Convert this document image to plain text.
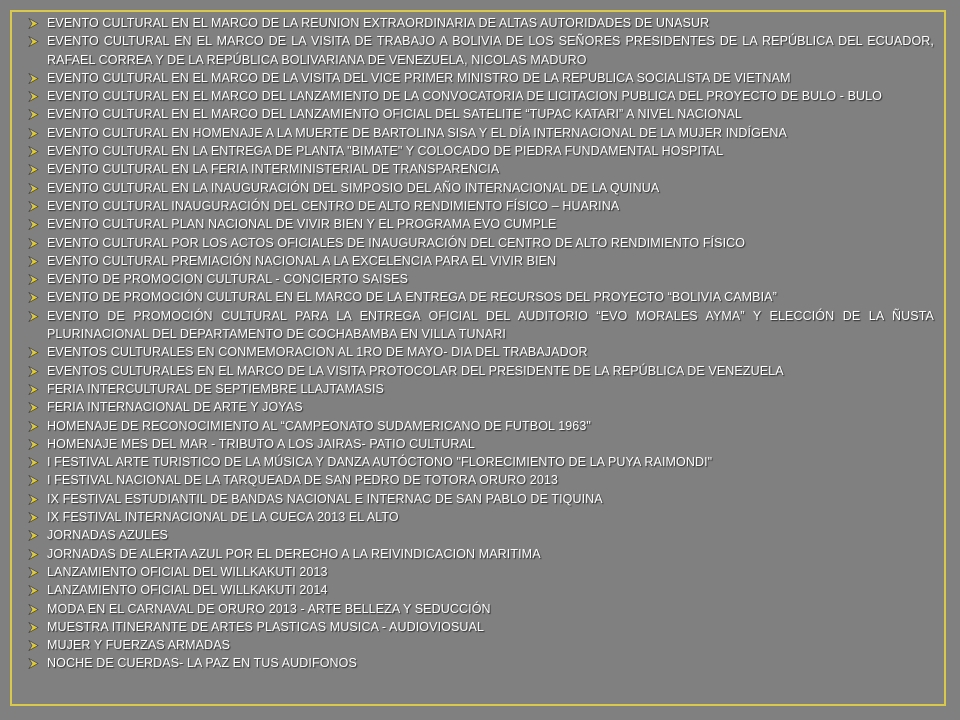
EVENTO CULTURAL EN EL MARCO DE LA REUNION EXTRAORDINARIA DE ALTAS AUTORIDADES DE UNASUR
EVENTO CULTURAL EN EL MARCO DE LA VISITA DE TRABAJO A BOLIVIA DE LOS SEÑORES PRESIDENTES DE LA REPÚBLICA DEL ECUADOR, RAFAEL CORREA Y DE LA REPÚBLICA BOLIVARIANA DE VENEZUELA, NICOLAS MADURO
EVENTO CULTURAL EN EL MARCO DE LA VISITA DEL VICE PRIMER MINISTRO DE LA REPUBLICA SOCIALISTA DE VIETNAM
EVENTO CULTURAL EN EL MARCO DEL LANZAMIENTO DE LA CONVOCATORIA DE LICITACION PUBLICA DEL PROYECTO DE BULO - BULO
EVENTO CULTURAL EN EL MARCO DEL LANZAMIENTO OFICIAL DEL SATELITE “TUPAC KATARI” A NIVEL NACIONAL
EVENTO CULTURAL EN HOMENAJE A LA MUERTE DE BARTOLINA SISA Y EL DÍA INTERNACIONAL DE LA MUJER INDÍGENA
EVENTO CULTURAL EN LA ENTREGA DE PLANTA "BIMATE" Y COLOCADO DE PIEDRA FUNDAMENTAL HOSPITAL
EVENTO CULTURAL EN LA FERIA INTERMINISTERIAL DE TRANSPARENCIA
EVENTO CULTURAL EN LA INAUGURACIÓN DEL SIMPOSIO DEL AÑO INTERNACIONAL DE LA QUINUA
EVENTO CULTURAL INAUGURACIÓN DEL CENTRO DE ALTO RENDIMIENTO FÍSICO – HUARINA
EVENTO CULTURAL PLAN NACIONAL DE VIVIR BIEN Y EL PROGRAMA EVO CUMPLE
EVENTO CULTURAL POR LOS ACTOS OFICIALES DE INAUGURACIÓN DEL CENTRO DE ALTO RENDIMIENTO FÍSICO
EVENTO CULTURAL PREMIACIÓN NACIONAL A LA EXCELENCIA PARA EL VIVIR BIEN
EVENTO DE PROMOCION CULTURAL - CONCIERTO SAISES
EVENTO DE PROMOCIÓN CULTURAL EN EL MARCO DE LA ENTREGA DE RECURSOS DEL PROYECTO “BOLIVIA CAMBIA”
EVENTO DE PROMOCIÓN CULTURAL PARA LA ENTREGA OFICIAL DEL AUDITORIO “EVO MORALES AYMA” Y ELECCIÓN DE LA ÑUSTA PLURINACIONAL DEL DEPARTAMENTO DE COCHABAMBA EN VILLA TUNARI
EVENTOS CULTURALES EN CONMEMORACION AL 1RO DE MAYO- DIA DEL TRABAJADOR
EVENTOS CULTURALES EN EL MARCO DE LA VISITA PROTOCOLAR DEL PRESIDENTE DE LA REPÚBLICA DE VENEZUELA
FERIA INTERCULTURAL DE SEPTIEMBRE LLAJTAMASIS
FERIA INTERNACIONAL DE ARTE Y JOYAS
HOMENAJE DE RECONOCIMIENTO AL “CAMPEONATO SUDAMERICANO DE FUTBOL 1963"
HOMENAJE MES DEL MAR - TRIBUTO A LOS JAIRAS- PATIO CULTURAL
I FESTIVAL ARTE TURISTICO DE LA MÚSICA Y DANZA AUTÓCTONO "FLORECIMIENTO DE LA PUYA RAIMONDI"
I FESTIVAL NACIONAL DE LA TARQUEADA DE SAN PEDRO DE TOTORA ORURO 2013
IX FESTIVAL ESTUDIANTIL DE BANDAS NACIONAL E INTERNAC DE SAN PABLO DE TIQUINA
IX FESTIVAL INTERNACIONAL DE LA CUECA 2013 EL ALTO
JORNADAS AZULES
JORNADAS DE ALERTA AZUL POR EL DERECHO A LA REIVINDICACION MARITIMA
LANZAMIENTO OFICIAL DEL WILLKAKUTI 2013
LANZAMIENTO OFICIAL DEL WILLKAKUTI 2014
MODA EN EL CARNAVAL DE ORURO 2013 - ARTE BELLEZA Y SEDUCCIÓN
MUESTRA ITINERANTE DE ARTES PLASTICAS MUSICA - AUDIOVIOSUAL
MUJER Y FUERZAS ARMADAS
NOCHE DE CUERDAS- LA PAZ EN TUS AUDIFONOS
